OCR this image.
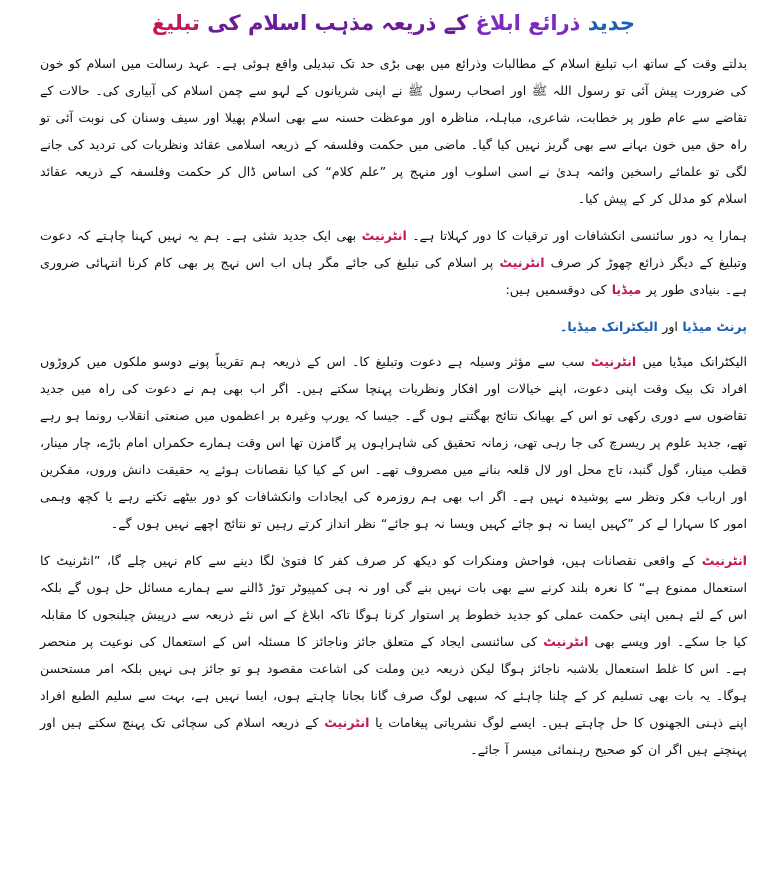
جدید ذرائع ابلاغ کے ذریعہ مذہب اسلام کی تبلیغ

بدلتے وقت کے ساتھ اب تبلیغ اسلام کے مطالبات وذرائع میں بھی بڑی حد تک تبدیلی واقع ہوئی ہے۔ عہد رسالت میں اسلام کو خون کی ضرورت پیش آئی تو رسول اللہ ﷺ اور اصحاب رسول ﷺ نے اپنی شریانوں کے لہو سے چمن اسلام کی آبیاری کی۔ حالات کے تقاضے سے عام طور پر خطابت، شاعری، مباہلہ، مناظرہ اور موعظت حسنہ سے بھی اسلام پھیلا اور سیف وسنان کی نوبت آئی تو راہ حق میں خون بہانے سے بھی گریز نہیں کیا گیا۔ ماضی میں حکمت وفلسفہ کے ذریعہ اسلامی عقائد ونظریات کی تردید کی جانے لگی تو علمائے راسخین وائمہ ہدیٰ نے اسی اسلوب اور منہج پر ”علم کلام“ کی اساس ڈال کر حکمت وفلسفہ کے ذریعہ عقائد اسلام کو مدلل کر کے پیش کیا۔

ہمارا یہ دور سائنسی انکشافات اور ترقیات کا دور کہلاتا ہے۔ انٹرنیٹ بھی ایک جدید شئی ہے۔ ہم یہ نہیں کہنا چاہتے کہ دعوت وتبلیغ کے دیگر ذرائع چھوڑ کر صرف انٹرنیٹ پر اسلام کی تبلیغ کی جائے مگر ہاں اب اس نہج پر بھی کام کرنا انتہائی ضروری ہے۔ بنیادی طور پر میڈیا کی دوقسمیں ہیں:

پرنٹ میڈیا اور الیکٹرانک میڈیا۔

الیکٹرانک میڈیا میں انٹرنیٹ سب سے مؤثر وسیلہ ہے دعوت وتبلیغ کا۔ اس کے ذریعہ ہم تقریباً پونے دوسو ملکوں میں کروڑوں افراد تک بیک وقت اپنی دعوت، اپنے خیالات اور افکار ونظریات پہنچا سکتے ہیں۔ اگر اب بھی ہم نے دعوت کی راہ میں جدید تقاضوں سے دوری رکھی تو اس کے بھیانک نتائج بھگتنے ہوں گے۔ جیسا کہ یورپ وغیرہ بر اعظموں میں صنعتی انقلاب رونما ہو رہے تھے، جدید علوم پر ریسرچ کی جا رہی تھی، زمانہ تحقیق کی شاہراہوں پر گامزن تھا اس وقت ہمارے حکمراں امام باڑے، چار مینار، قطب مینار، گول گنبد، تاج محل اور لال قلعہ بنانے میں مصروف تھے۔ اس کے کیا کیا نقصانات ہوئے یہ حقیقت دانش وروں، مفکرین اور ارباب فکر ونظر سے پوشیدہ نہیں ہے۔ اگر اب بھی ہم روزمرہ کی ایجادات وانکشافات کو دور بیٹھے تکتے رہے یا کچھ وہمی امور کا سہارا لے کر ”کہیں ایسا نہ ہو جائے کہیں ویسا نہ ہو جائے“ نظر انداز کرتے رہیں تو نتائج اچھے نہیں ہوں گے۔

انٹرنیٹ کے واقعی نقصانات ہیں، فواحش ومنکرات کو دیکھ کر صرف کفر کا فتویٰ لگا دینے سے کام نہیں چلے گا، ”انٹرنیٹ کا استعمال ممنوع ہے“ کا نعرہ بلند کرنے سے بھی بات نہیں بنے گی اور نہ ہی کمپیوٹر توڑ ڈالنے سے ہمارے مسائل حل ہوں گے بلکہ اس کے لئے ہمیں اپنی حکمت عملی کو جدید خطوط پر استوار کرنا ہوگا تاکہ ابلاغ کے اس نئے ذریعہ سے درپیش چیلنجوں کا مقابلہ کیا جا سکے۔ اور ویسے بھی انٹرنیٹ کی سائنسی ایجاد کے متعلق جائز وناجائز کا مسئلہ اس کے استعمال کی نوعیت پر منحصر ہے۔ اس کا غلط استعمال بلاشبہ ناجائز ہوگا لیکن ذریعہ دین وملت کی اشاعت مقصود ہو تو جائز ہی نہیں بلکہ امر مستحسن ہوگا۔ یہ بات بھی تسلیم کر کے چلنا چاہئے کہ سبھی لوگ صرف گانا بجانا چاہتے ہوں، ایسا نہیں ہے، بہت سے سلیم الطبع افراد اپنے ذہنی الجھنوں کا حل چاہتے ہیں۔ ایسے لوگ نشریاتی پیغامات یا انٹرنیٹ کے ذریعہ اسلام کی سچائی تک پہنچ سکتے ہیں اور پہنچتے ہیں اگر ان کو صحیح رہنمائی میسر آ جائے۔
